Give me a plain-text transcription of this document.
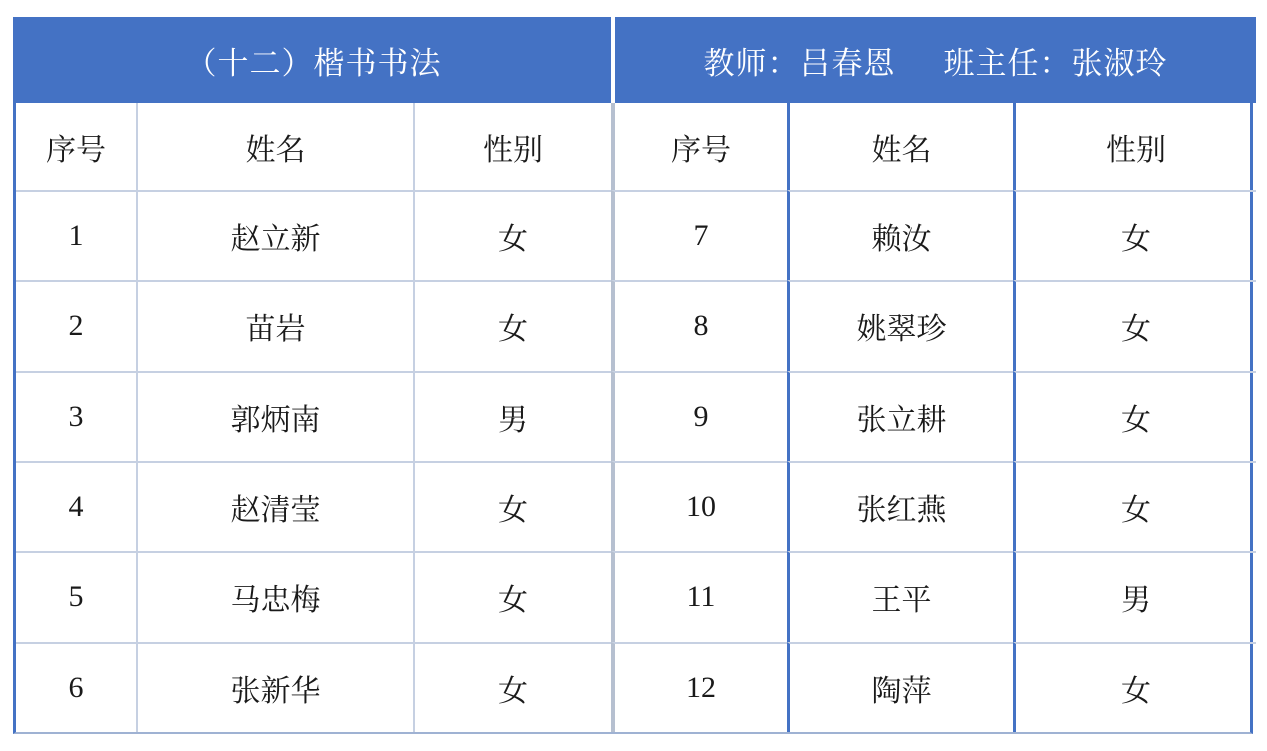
（十二）楷书书法	教师：吕春恩 班主任：张淑玲
序号	姓名	性别	序号	姓名	性别
1	赵立新	女	7	赖汝	女
2	苗岩	女	8	姚翠珍	女
3	郭炳南	男	9	张立耕	女
4	赵清莹	女	10	张红燕	女
5	马忠梅	女	11	王平	男
6	张新华	女	12	陶萍	女
